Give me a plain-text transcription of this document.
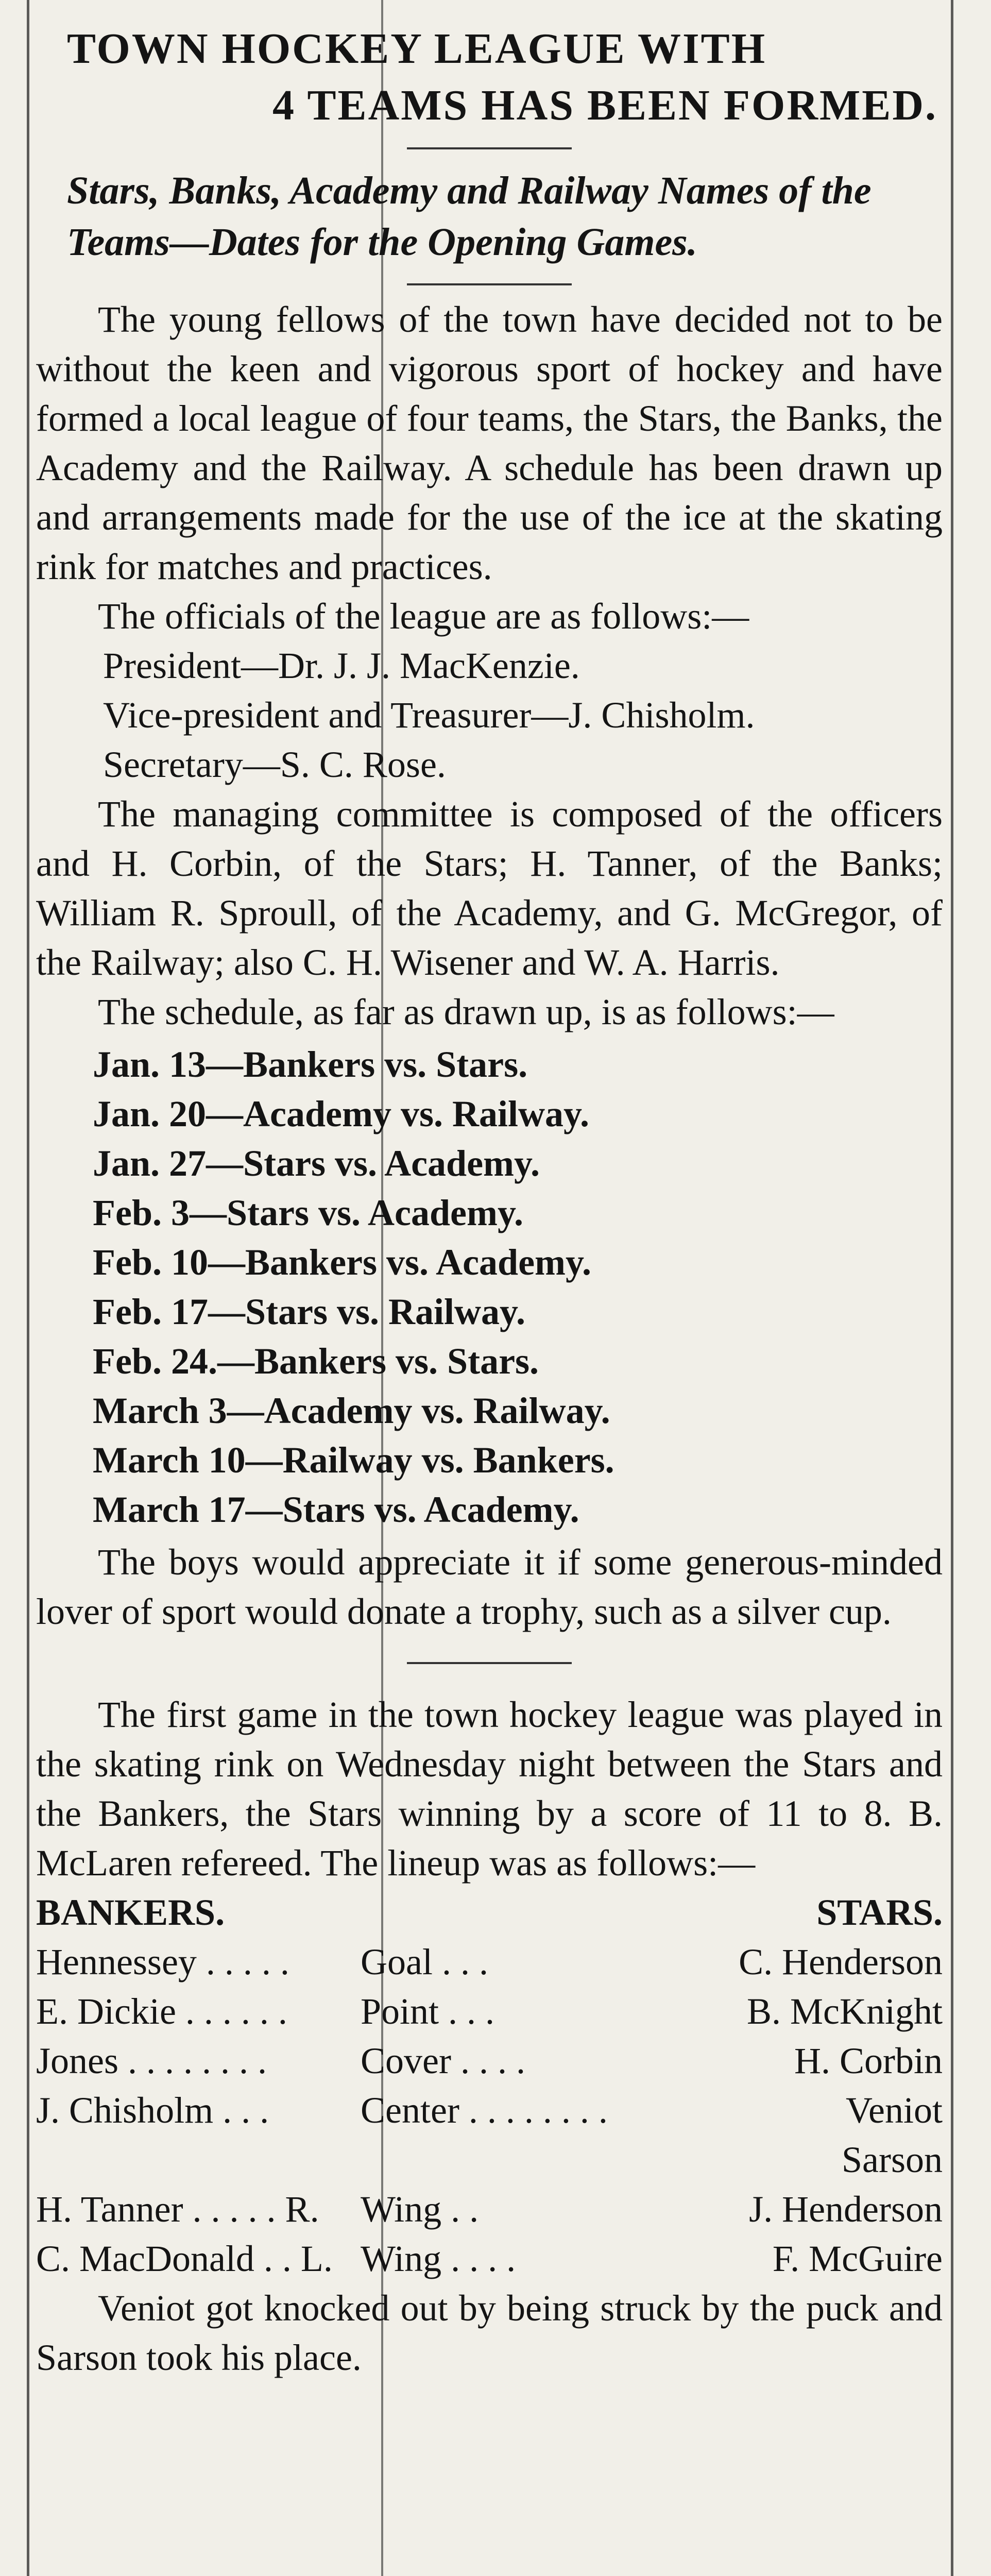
TOWN HOCKEY LEAGUE WITH
4 TEAMS HAS BEEN FORMED.
Stars, Banks, Academy and Railway Names of the Teams—Dates for the Opening Games.

The young fellows of the town have decided not to be without the keen and vigorous sport of hockey and have formed a local league of four teams, the Stars, the Banks, the Academy and the Railway. A schedule has been drawn up and arrangements made for the use of the ice at the skating rink for matches and practices.

The officials of the league are as follows:—

President—Dr. J. J. MacKenzie.

Vice-president and Treasurer—J. Chisholm.

Secretary—S. C. Rose.

The managing committee is composed of the officers and H. Corbin, of the Stars; H. Tanner, of the Banks; William R. Sproull, of the Academy, and G. McGregor, of the Railway; also C. H. Wisener and W. A. Harris.

The schedule, as far as drawn up, is as follows:—

Jan. 13—Bankers vs. Stars.
Jan. 20—Academy vs. Railway.
Jan. 27—Stars vs. Academy.
Feb. 3—Stars vs. Academy.
Feb. 10—Bankers vs. Academy.
Feb. 17—Stars vs. Railway.
Feb. 24.—Bankers vs. Stars.
March 3—Academy vs. Railway.
March 10—Railway vs. Bankers.
March 17—Stars vs. Academy.

The boys would appreciate it if some generous-minded lover of sport would donate a trophy, such as a silver cup.

The first game in the town hockey league was played in the skating rink on Wednesday night between the Stars and the Bankers, the Stars winning by a score of 11 to 8. B. McLaren refereed. The lineup was as follows:—

BANKERS.	STARS.
Hennessey . . . . .	Goal . . .	C. Henderson
E. Dickie . . . . . .	Point . . .	B. McKnight
Jones . . . . . . . .	Cover . . . .	H. Corbin
J. Chisholm . . .	Center . . . . . . . .	Veniot
Sarson
H. Tanner . . . . . R.	Wing . .	J. Henderson
C. MacDonald . . L. Wing . . . .	F. McGuire

Veniot got knocked out by being struck by the puck and Sarson took his place.
